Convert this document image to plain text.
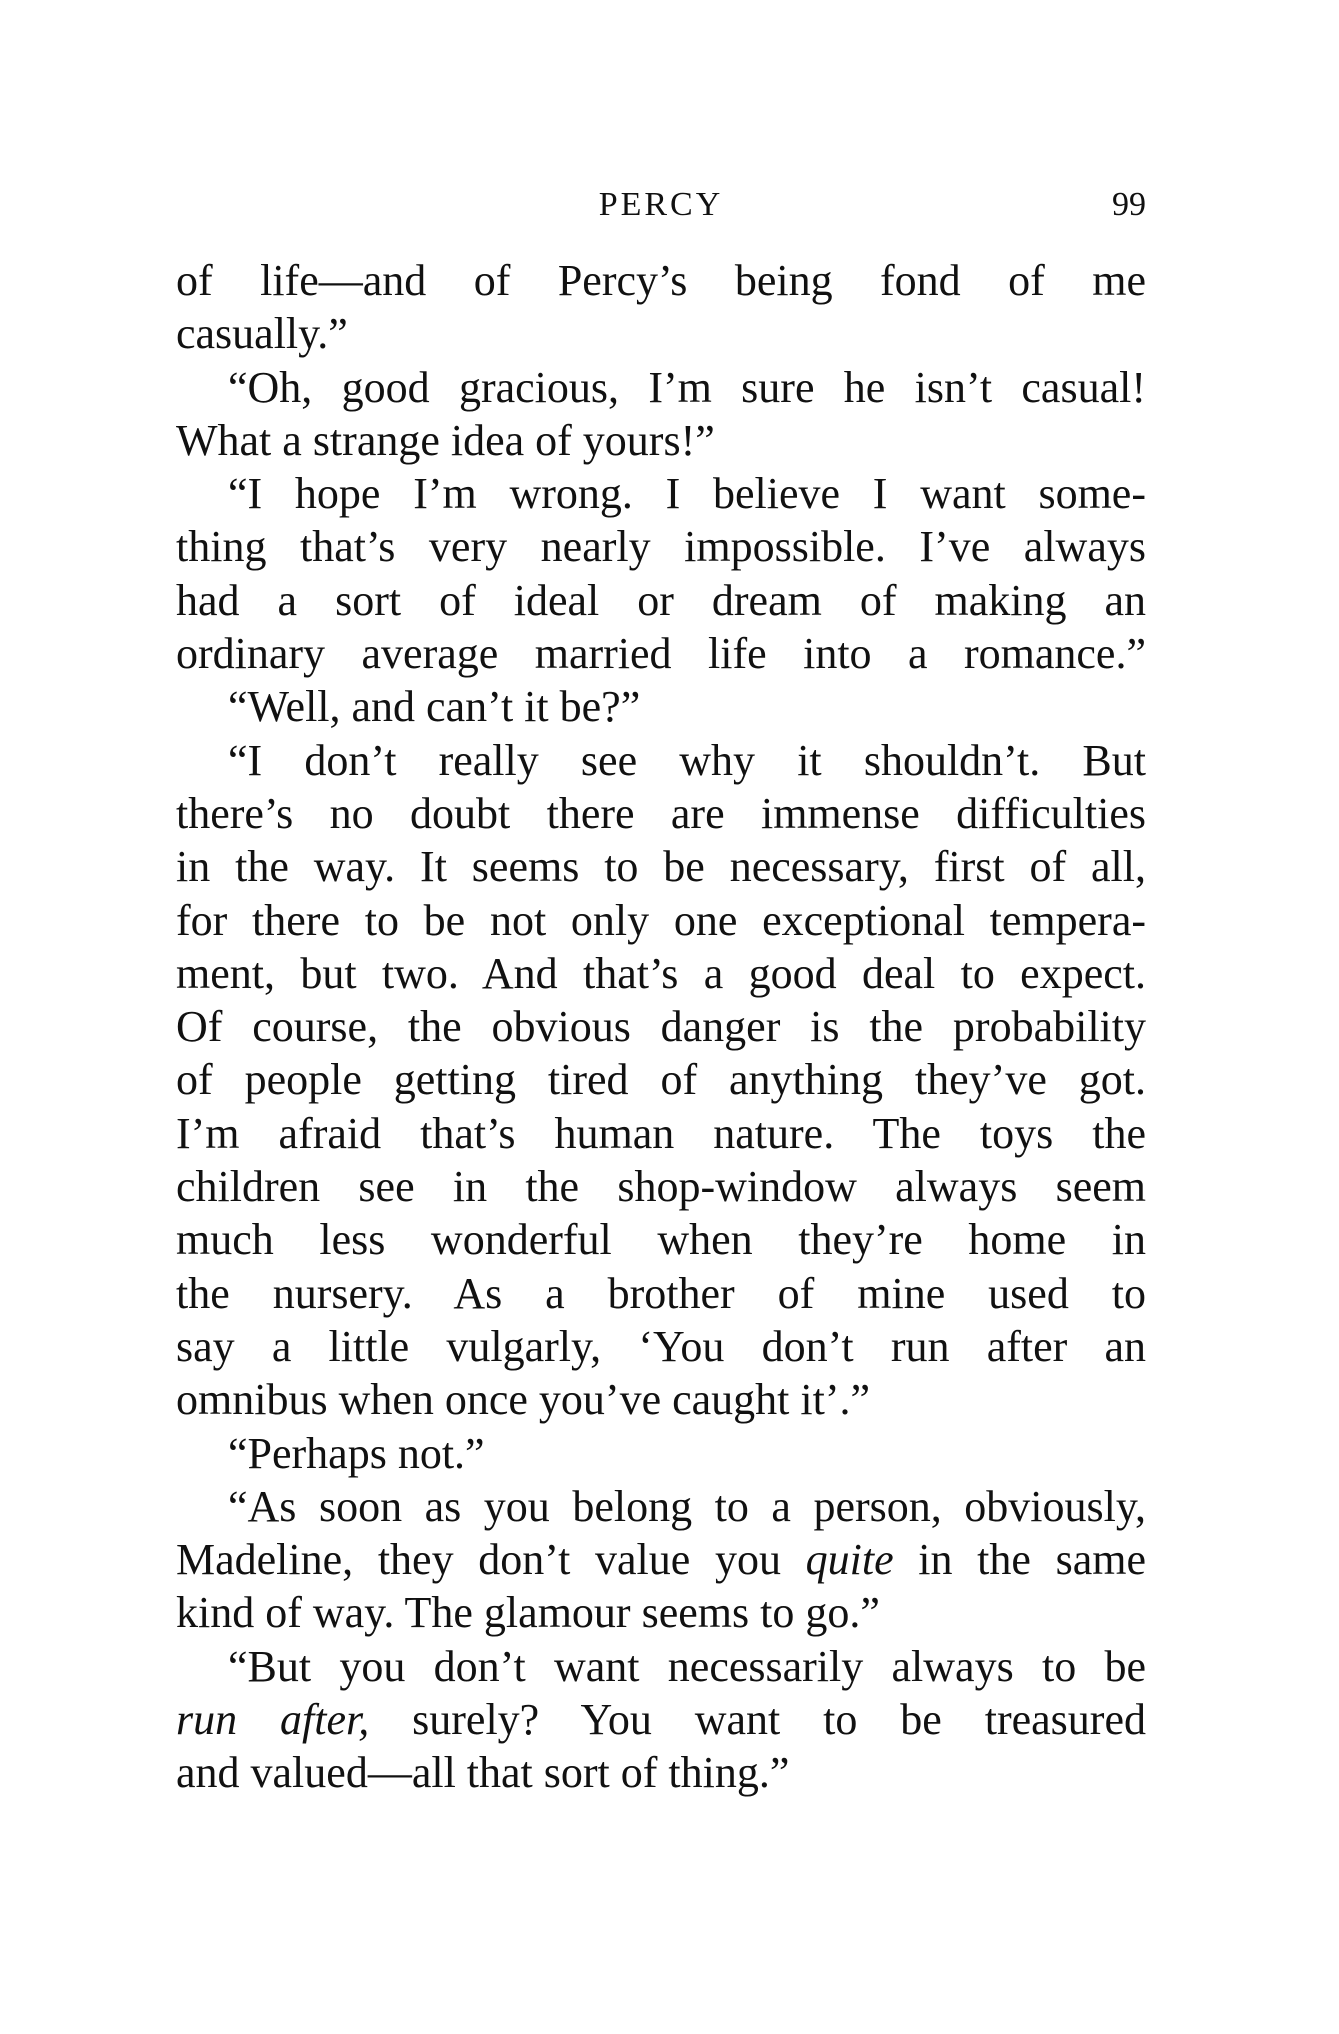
PERCY	99
of life—and of Percy’s being fond of me
casually.”
“Oh, good gracious, I’m sure he isn’t casual!
What a strange idea of yours!”
“I hope I’m wrong. I believe I want some-
thing that’s very nearly impossible. I’ve always
had a sort of ideal or dream of making an
ordinary average married life into a romance.”
“Well, and can’t it be?”
“I don’t really see why it shouldn’t. But
there’s no doubt there are immense difficulties
in the way. It seems to be necessary, first of all,
for there to be not only one exceptional tempera-
ment, but two. And that’s a good deal to expect.
Of course, the obvious danger is the probability
of people getting tired of anything they’ve got.
I’m afraid that’s human nature. The toys the
children see in the shop-window always seem
much less wonderful when they’re home in
the nursery. As a brother of mine used to
say a little vulgarly, ‘You don’t run after an
omnibus when once you’ve caught it’.”
“Perhaps not.”
“As soon as you belong to a person, obviously,
Madeline, they don’t value you quite in the same
kind of way. The glamour seems to go.”
“But you don’t want necessarily always to be
run after, surely? You want to be treasured
and valued—all that sort of thing.”
